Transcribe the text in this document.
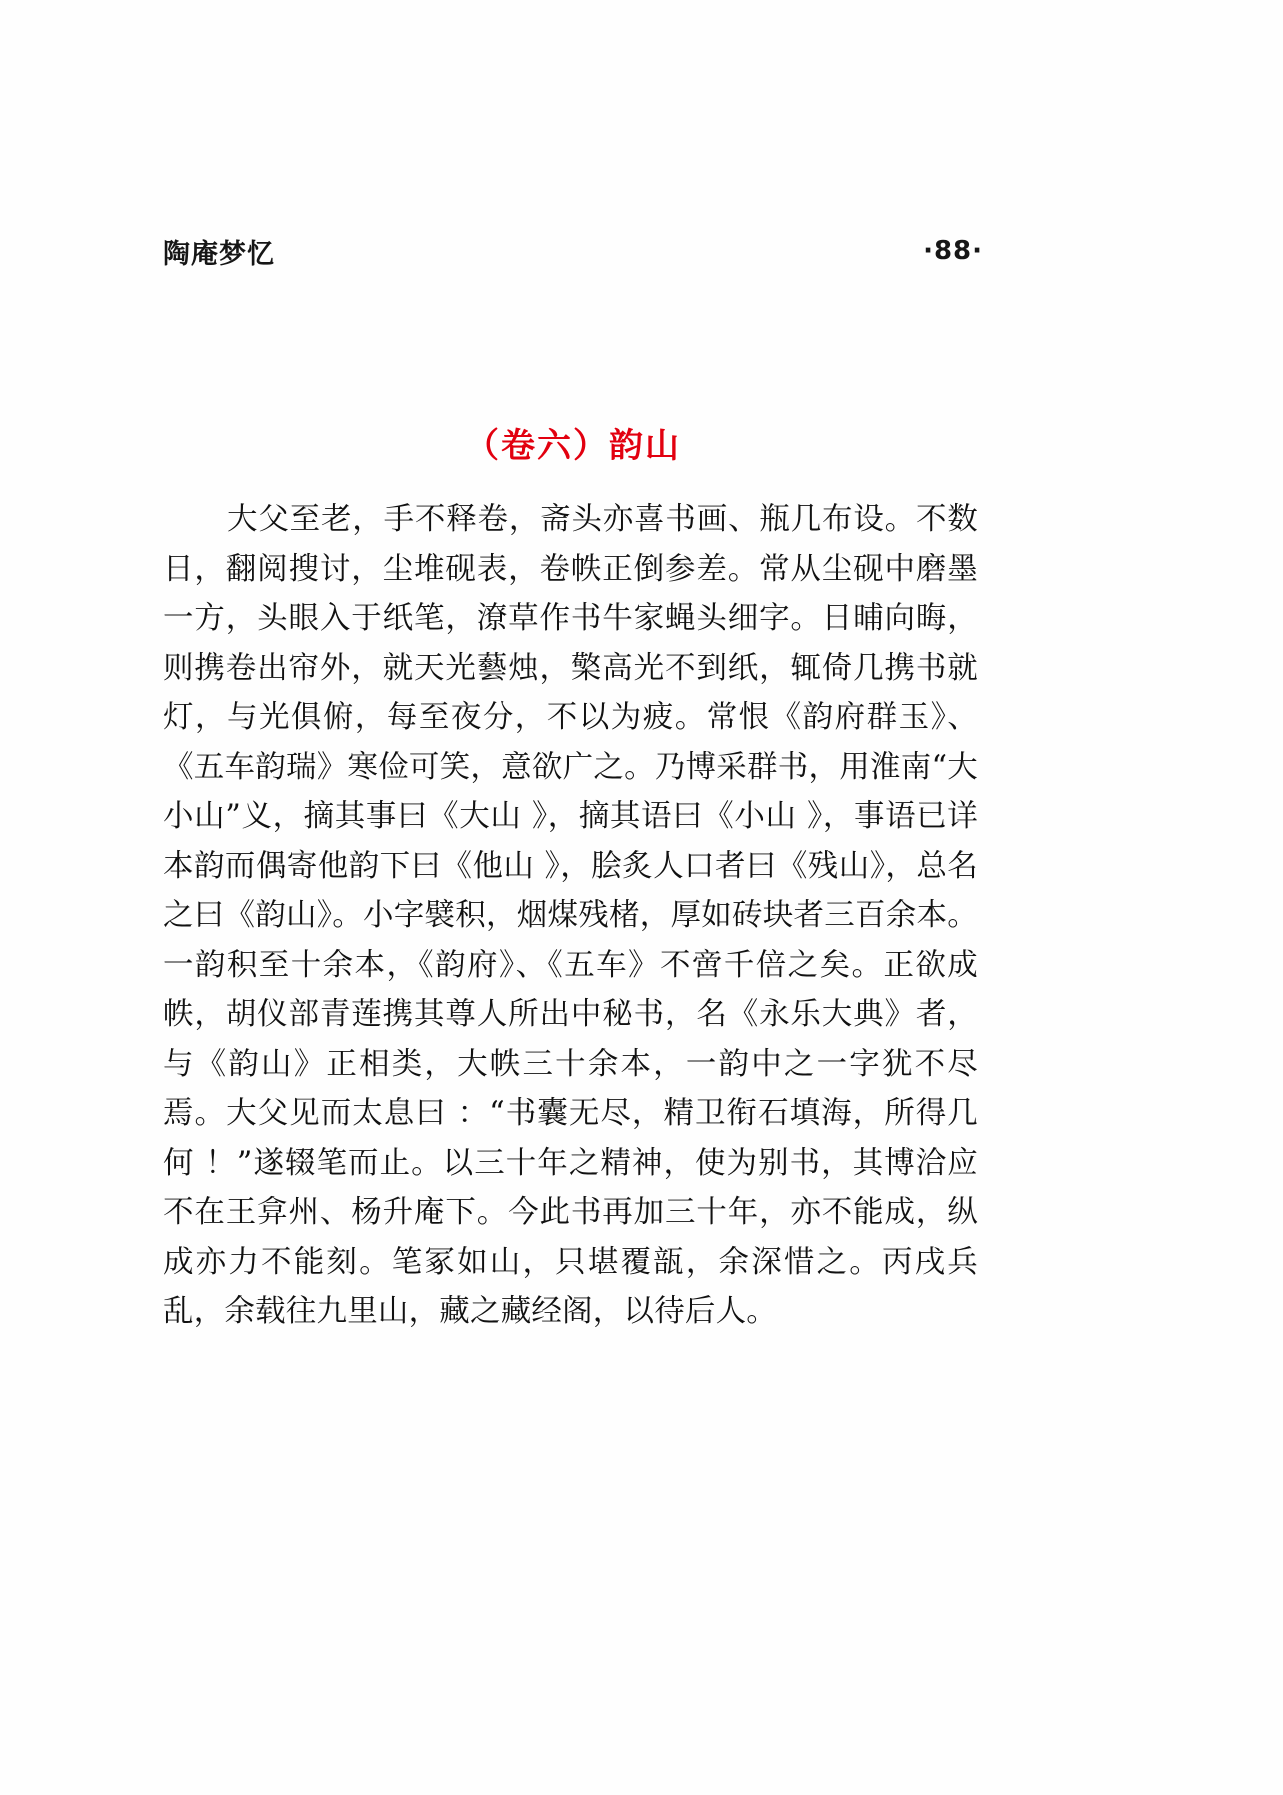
陶庵梦忆	·88·
（卷六）韵山
大父至老，手不释卷，斋头亦喜书画、瓶几布设。不数日，翻阅搜讨，尘堆砚表，卷帙正倒参差。常从尘砚中磨墨一方，头眼入于纸笔，潦草作书牛家蝇头细字。日晡向晦，则携卷出帘外，就天光藝烛，檠高光不到纸，辄倚几携书就灯，与光俱俯，每至夜分，不以为疲。常恨《韵府群玉》、《五车韵瑞》寒俭可笑，意欲广之。乃博采群书，用淮南“大小山”义，摘其事曰《大山 》，摘其语曰《小山 》，事语已详本韵而偶寄他韵下曰《他山 》，脍炙人口者曰《残山》，总名之曰《韵山》。小字襞积，烟煤残楮，厚如砖块者三百余本。一韵积至十余本，《韵府》、《五车》不啻千倍之矣。正欲成帙，胡仪部青莲携其尊人所出中秘书，名《永乐大典》者，与《韵山》正相类，大帙三十余本，一韵中之一字犹不尽焉。大父见而太息曰 ：“书囊无尽，精卫衔石填海，所得几何 ！”遂辍笔而止。以三十年之精神，使为别书，其博洽应不在王弇州、杨升庵下。今此书再加三十年，亦不能成，纵成亦力不能刻。笔冢如山，只堪覆瓿，余深惜之。丙戌兵乱，余载往九里山，藏之藏经阁，以待后人。
